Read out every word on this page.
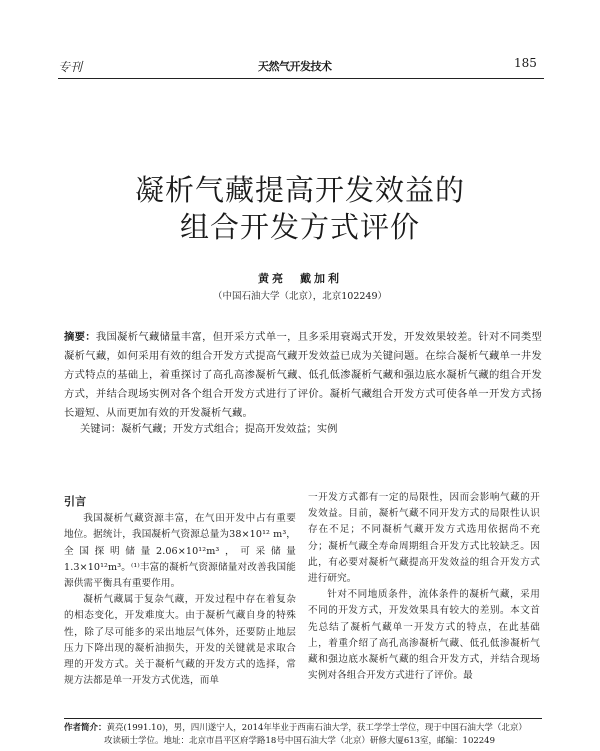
专刊	天然气开发技术	185
凝析气藏提高开发效益的
组合开发方式评价
黄亮　戴加利
（中国石油大学（北京），北京102249）
摘要：我国凝析气藏储量丰富，但开采方式单一，且多采用衰竭式开发，开发效果较差。针对不同类型凝析气藏，如何采用有效的组合开发方式提高气藏开发效益已成为关键问题。在综合凝析气藏单一井发方式特点的基础上，着重探讨了高孔高渗凝析气藏、低孔低渗凝析气藏和强边底水凝析气藏的组合开发方式，并结合现场实例对各个组合开发方式进行了评价。凝析气藏组合开发方式可使各单一开发方式扬长避短、从而更加有效的开发凝析气藏。
关键词：凝析气藏；开发方式组合；提高开发效益；实例

引言

我国凝析气藏资源丰富，在气田开发中占有重要地位。据统计，我国凝析气资源总量为38×10¹² m³，全国探明储量2.06×10¹²m³，可采储量1.3×10¹²m³。⁽¹⁾丰富的凝析气资源储量对改善我国能源供需平衡具有重要作用。

凝析气藏属于复杂气藏，开发过程中存在着复杂的相态变化，开发难度大。由于凝析气藏自身的特殊性，除了尽可能多的采出地层气体外，还要防止地层压力下降出现的凝析油损失，开发的关键就是求取合理的开发方式。关于凝析气藏的开发方式的选择，常规方法都是单一开发方式优选，而单

一开发方式都有一定的局限性，因而会影响气藏的开发效益。目前，凝析气藏不同开发方式的局限性认识存在不足；不同凝析气藏开发方式选用依据尚不充分；凝析气藏全寿命周期组合开发方式比较缺乏。因此，有必要对凝析气藏提高开发效益的组合开发方式进行研究。

针对不同地质条件，流体条件的凝析气藏，采用不同的开发方式，开发效果具有较大的差别。本文首先总结了凝析气藏单一开发方式的特点，在此基础上，着重介绍了高孔高渗凝析气藏、低孔低渗凝析气藏和强边底水凝析气藏的组合开发方式，并结合现场实例对各组合开发方式进行了评价。最

作者简介：黄亮(1991.10)，男，四川遂宁人，2014年毕业于西南石油大学，获工学学士学位，现于中国石油大学（北京）

攻读硕士学位。地址：北京市昌平区府学路18号中国石油大学（北京）研修大厦613室，邮编：102249
